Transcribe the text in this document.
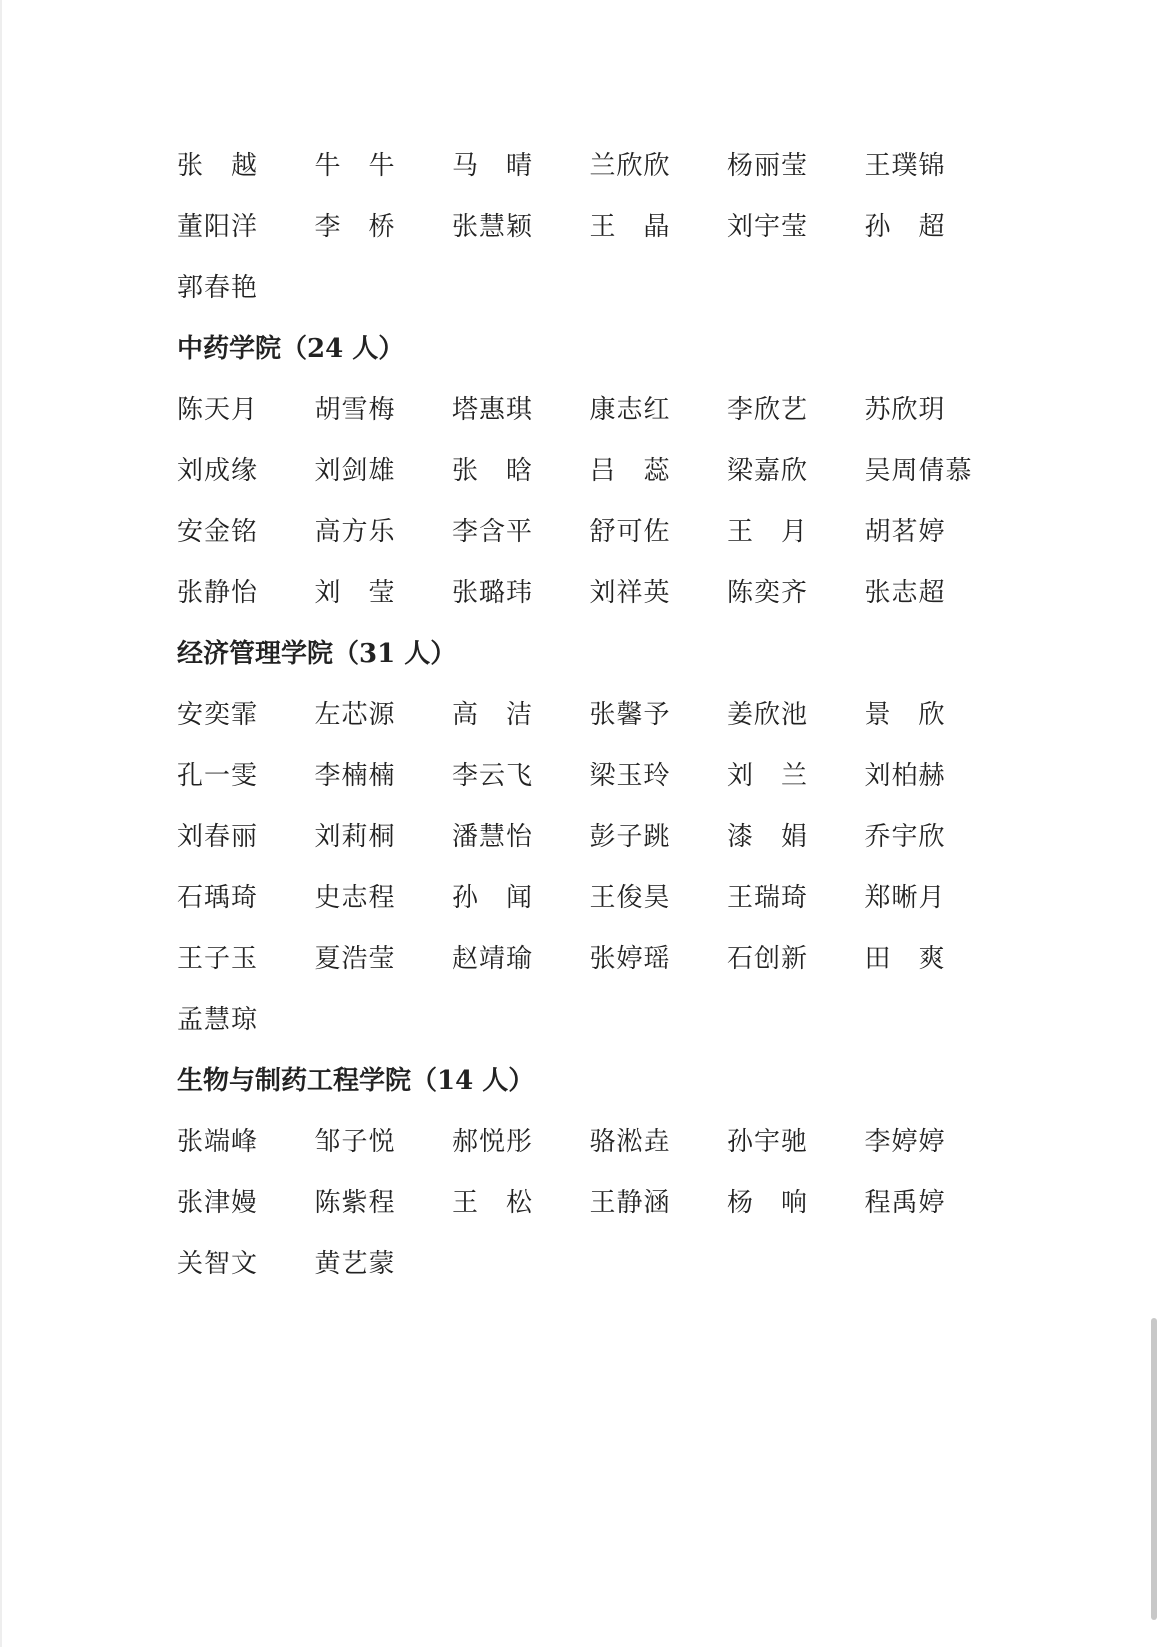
张　越	牛　牛	马　晴	兰欣欣	杨丽莹	王璞锦
董阳洋	李　桥	张慧颖	王　晶	刘宇莹	孙　超
郭春艳
中药学院（24 人）
陈天月	胡雪梅	塔惠琪	康志红	李欣艺	苏欣玥
刘成缘	刘剑雄	张　晗	吕　蕊	梁嘉欣	吴周倩慕
安金铭	高方乐	李含平	舒可佐	王　月	胡茗婷
张静怡	刘　莹	张璐玮	刘祥英	陈奕齐	张志超
经济管理学院（31 人）
安奕霏	左芯源	高　洁	张馨予	姜欣池	景　欣
孔一雯	李楠楠	李云飞	梁玉玲	刘　兰	刘柏赫
刘春丽	刘莉桐	潘慧怡	彭子跳	漆　娟	乔宇欣
石瑀琦	史志程	孙　闻	王俊昊	王瑞琦	郑晰月
王子玉	夏浩莹	赵靖瑜	张婷瑶	石创新	田　爽
孟慧琼
生物与制药工程学院（14 人）
张端峰	邹子悦	郝悦彤	骆淞垚	孙宇驰	李婷婷
张津嫚	陈紫程	王　松	王静涵	杨　响	程禹婷
关智文	黄艺蒙
